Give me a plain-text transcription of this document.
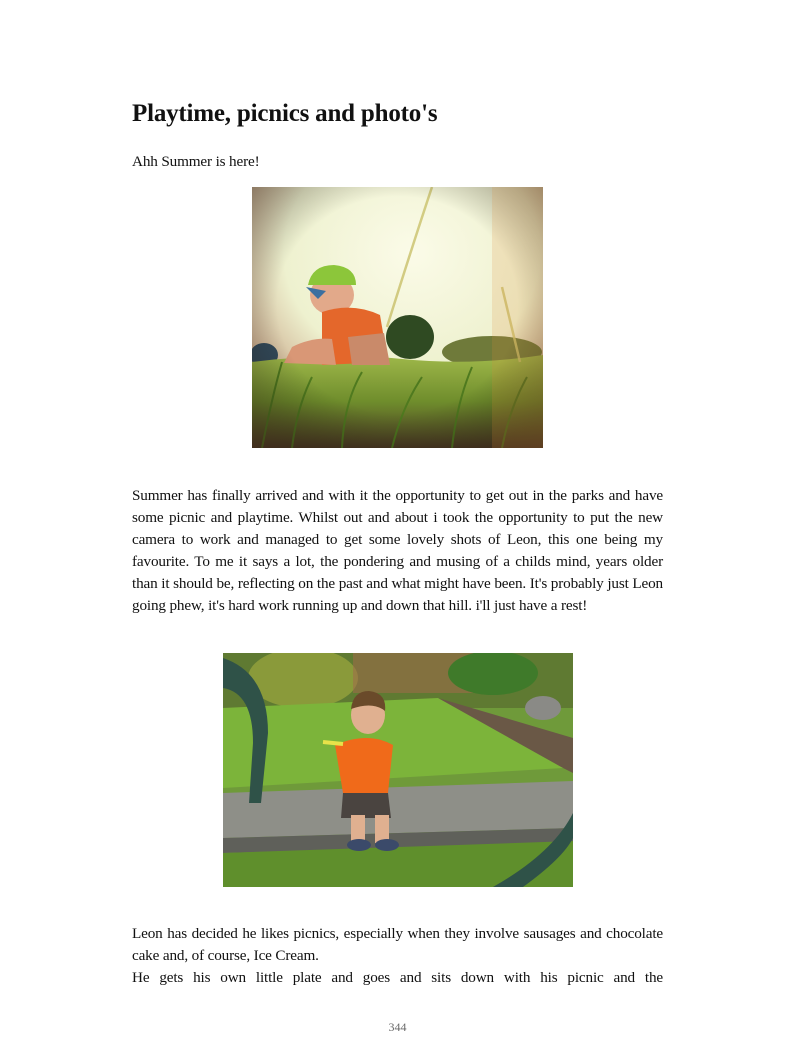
Playtime, picnics and photo's

Ahh Summer is here!

Summer has finally arrived and with it the opportunity to get out in the parks and have some picnic and playtime. Whilst out and about i took the opportunity to put the new camera to work and managed to get some lovely shots of Leon, this one being my favourite. To me it says a lot, the pondering and musing of a childs mind, years older than it should be, reflecting on the past and what might have been. It's probably just Leon going phew, it's hard work running up and down that hill. i'll just have a rest!

Leon has decided he likes picnics, especially when they involve sausages and chocolate cake and, of course, Ice Cream.

He gets his own little plate and goes and sits down with his picnic and the

344
